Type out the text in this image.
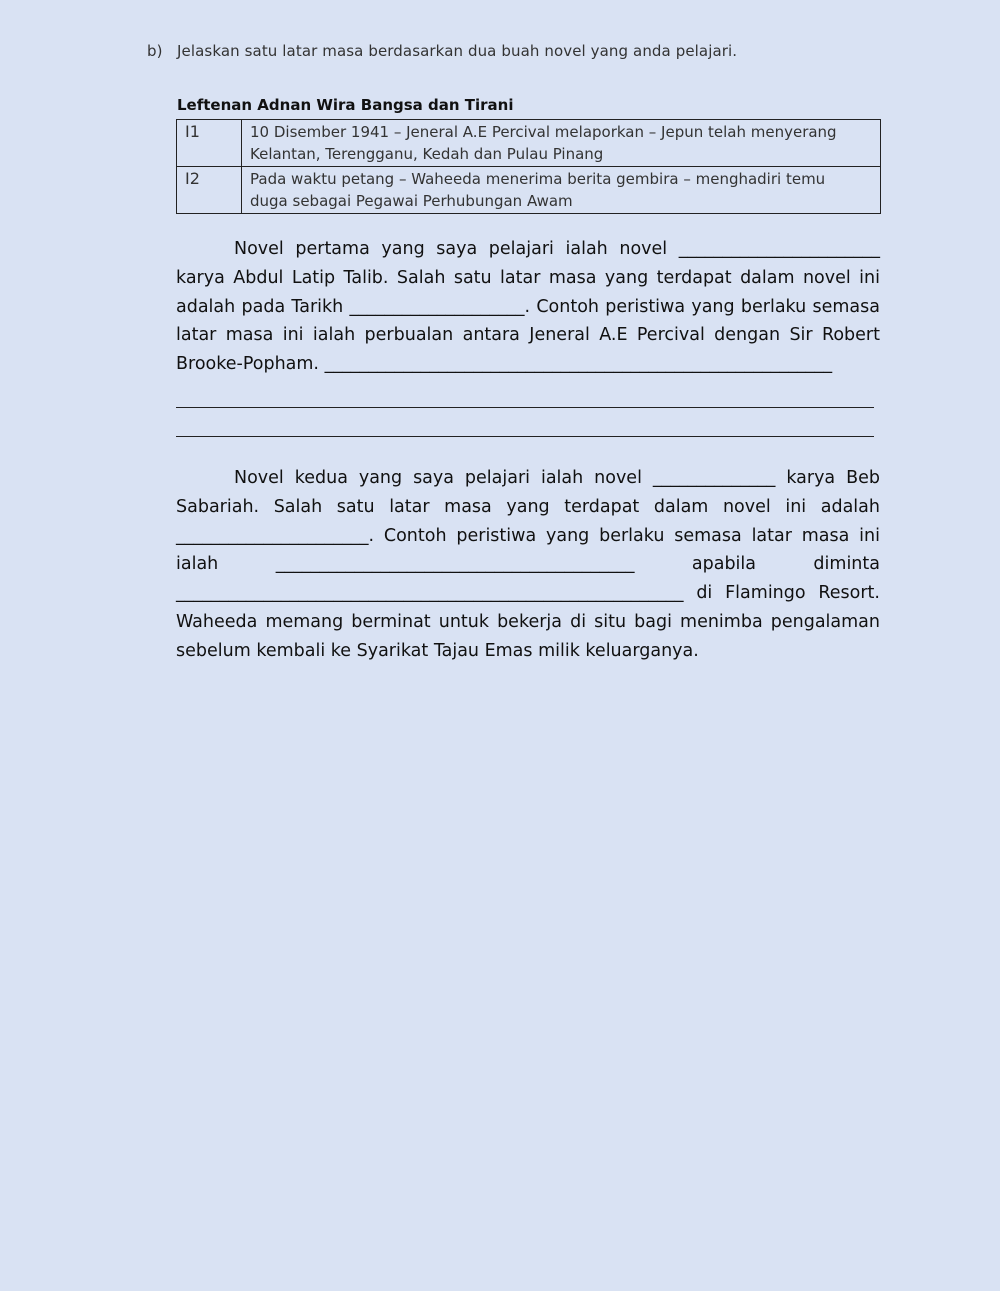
b) Jelaskan satu latar masa berdasarkan dua buah novel yang anda pelajari.
Leftenan Adnan Wira Bangsa dan Tirani
I1	10 Disember 1941 – Jeneral A.E Percival melaporkan – Jepun telah menyerang
Kelantan, Terengganu, Kedah dan Pulau Pinang
I2	Pada waktu petang – Waheeda menerima berita gembira – menghadiri temu
duga sebagai Pegawai Perhubungan Awam
Novel pertama yang saya pelajari ialah novel _______________________ karya Abdul Latip Talib. Salah satu latar masa yang terdapat dalam novel ini adalah pada Tarikh ____________________. Contoh peristiwa yang berlaku semasa latar masa ini ialah perbualan antara Jeneral A.E Percival dengan Sir Robert Brooke-Popham. __________________________________________________________
Novel kedua yang saya pelajari ialah novel ______________ karya Beb Sabariah. Salah satu latar masa yang terdapat dalam novel ini adalah ______________________. Contoh peristiwa yang berlaku semasa latar masa ini ialah	_________________________________________	apabila diminta __________________________________________________________ di Flamingo Resort. Waheeda memang berminat untuk bekerja di situ bagi menimba pengalaman sebelum kembali ke Syarikat Tajau Emas milik keluarganya.
